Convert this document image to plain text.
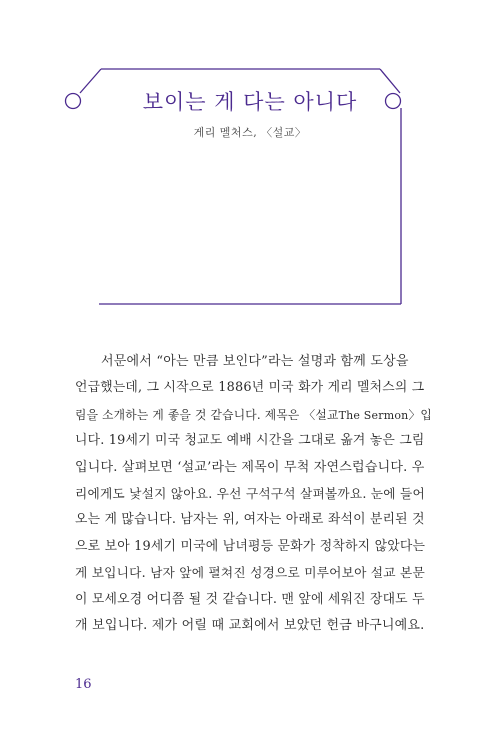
보이는 게 다는 아니다
게리 멜처스, 〈설교〉
서문에서 “아는 만큼 보인다”라는 설명과 함께 도상을
언급했는데, 그 시작으로 1886년 미국 화가 게리 멜처스의 그
림을 소개하는 게 좋을 것 같습니다. 제목은 〈설교The Sermon〉입
니다. 19세기 미국 청교도 예배 시간을 그대로 옮겨 놓은 그림
입니다. 살펴보면 ‘설교’라는 제목이 무척 자연스럽습니다. 우
리에게도 낯설지 않아요. 우선 구석구석 살펴볼까요. 눈에 들어
오는 게 많습니다. 남자는 위, 여자는 아래로 좌석이 분리된 것
으로 보아 19세기 미국에 남녀평등 문화가 정착하지 않았다는
게 보입니다. 남자 앞에 펼쳐진 성경으로 미루어보아 설교 본문
이 모세오경 어디쯤 될 것 같습니다. 맨 앞에 세워진 장대도 두
개 보입니다. 제가 어릴 때 교회에서 보았던 헌금 바구니예요.
16
